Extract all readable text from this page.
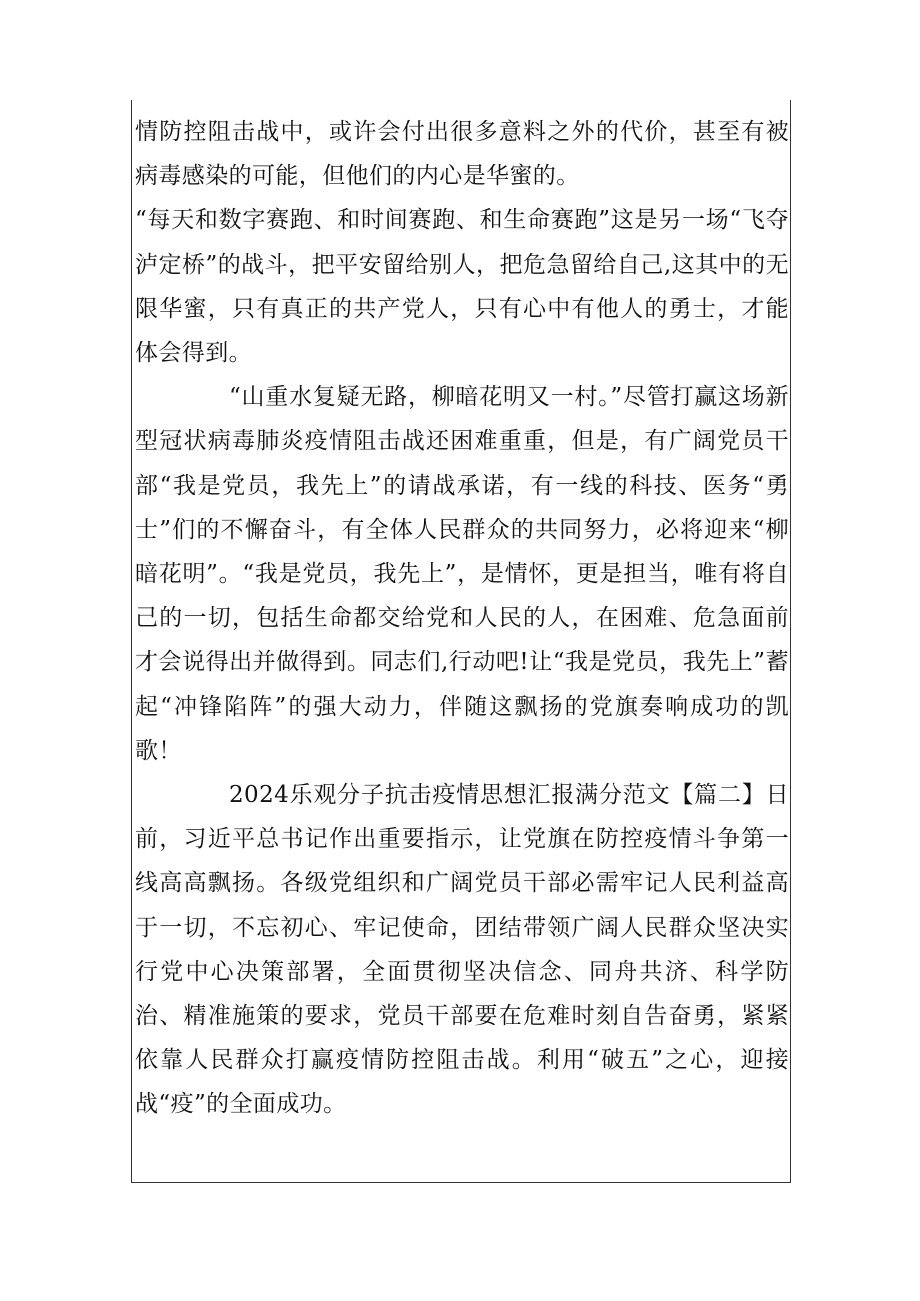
情防控阻击战中，或许会付出很多意料之外的代价，甚至有被病毒感染的可能，但他们的内心是华蜜的。

“每天和数字赛跑、和时间赛跑、和生命赛跑”这是另一场“飞夺泸定桥”的战斗，把平安留给别人，把危急留给自己,这其中的无限华蜜，只有真正的共产党人，只有心中有他人的勇士，才能体会得到。

“山重水复疑无路，柳暗花明又一村。”尽管打赢这场新型冠状病毒肺炎疫情阻击战还困难重重，但是，有广阔党员干部“我是党员，我先上”的请战承诺，有一线的科技、医务“勇士”们的不懈奋斗，有全体人民群众的共同努力，必将迎来“柳暗花明”。“我是党员，我先上”，是情怀，更是担当，唯有将自己的一切，包括生命都交给党和人民的人，在困难、危急面前才会说得出并做得到。同志们,行动吧!让“我是党员，我先上”蓄起“冲锋陷阵”的强大动力，伴随这飘扬的党旗奏响成功的凯歌！

2024乐观分子抗击疫情思想汇报满分范文【篇二】日前，习近平总书记作出重要指示，让党旗在防控疫情斗争第一线高高飘扬。各级党组织和广阔党员干部必需牢记人民利益高于一切，不忘初心、牢记使命，团结带领广阔人民群众坚决实行党中心决策部署，全面贯彻坚决信念、同舟共济、科学防治、精准施策的要求，党员干部要在危难时刻自告奋勇，紧紧依靠人民群众打赢疫情防控阻击战。利用“破五”之心，迎接战“疫”的全面成功。
